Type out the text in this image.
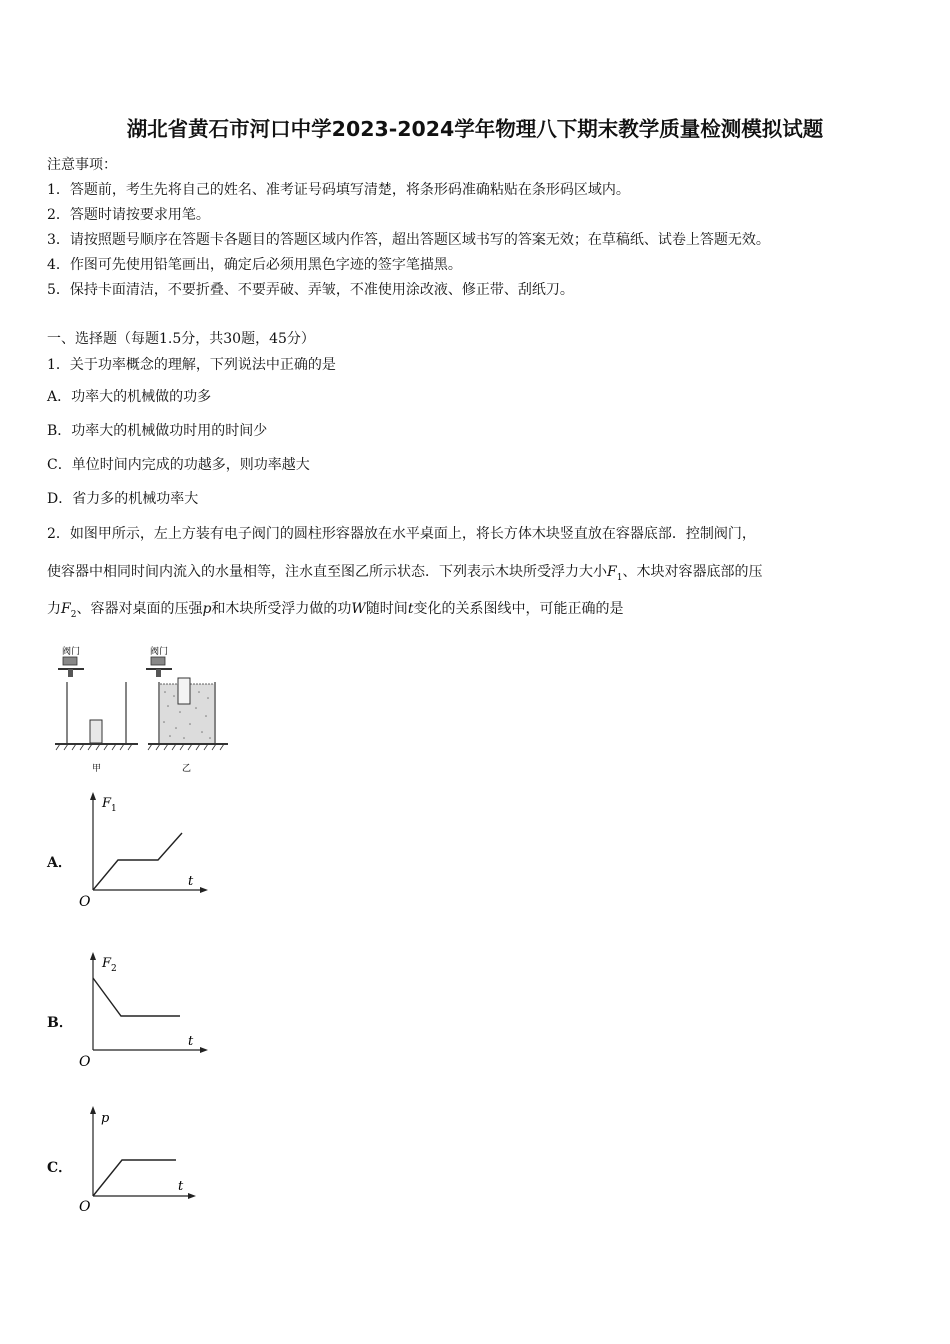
湖北省黄石市河口中学2023-2024学年物理八下期末教学质量检测模拟试题
注意事项：
1．答题前，考生先将自己的姓名、准考证号码填写清楚，将条形码准确粘贴在条形码区域内。
2．答题时请按要求用笔。
3．请按照题号顺序在答题卡各题目的答题区域内作答，超出答题区域书写的答案无效；在草稿纸、试卷上答题无效。
4．作图可先使用铅笔画出，确定后必须用黑色字迹的签字笔描黑。
5．保持卡面清洁，不要折叠、不要弄破、弄皱，不准使用涂改液、修正带、刮纸刀。
一、选择题（每题1.5分，共30题，45分）
1．关于功率概念的理解，下列说法中正确的是
A．功率大的机械做的功多
B．功率大的机械做功时用的时间少
C．单位时间内完成的功越多，则功率越大
D．省力多的机械功率大
2．如图甲所示，左上方装有电子阀门的圆柱形容器放在水平桌面上，将长方体木块竖直放在容器底部．控制阀门，
使容器中相同时间内流入的水量相等，注水直至图乙所示状态．下列表示木块所受浮力大小$F_1$、木块对容器底部的压
力$F_2$、容器对桌面的压强p和木块所受浮力做的功W随时间t变化的关系图线中，可能正确的是
阀门
甲
阀门
乙
A．
F 1
t
O
B．
F 2
t
O
C．
p
t
O
